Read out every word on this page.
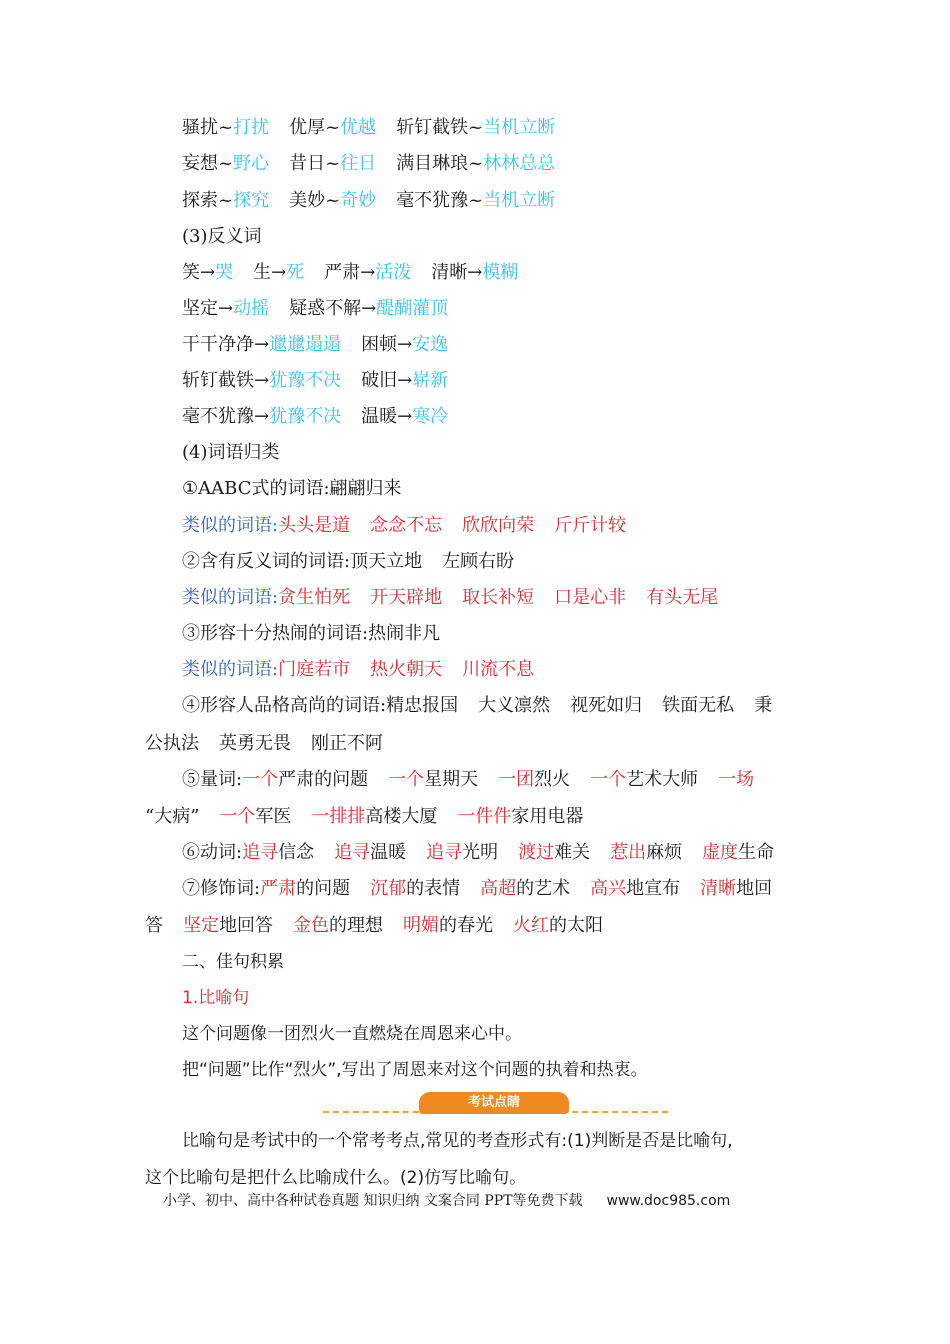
骚扰~打扰 优厚~优越 斩钉截铁~当机立断
妄想~野心 昔日~往日 满目琳琅~林林总总
探索~探究 美妙~奇妙 毫不犹豫~当机立断
(3)反义词
笑→哭 生→死 严肃→活泼 清晰→模糊
坚定→动摇 疑惑不解→醍醐灌顶
干干净净→邋邋遢遢 困顿→安逸
斩钉截铁→犹豫不决 破旧→崭新
毫不犹豫→犹豫不决 温暖→寒冷
(4)词语归类
①AABC式的词语:翩翩归来
类似的词语:头头是道 念念不忘 欣欣向荣 斤斤计较
②含有反义词的词语:顶天立地 左顾右盼
类似的词语:贪生怕死 开天辟地 取长补短 口是心非 有头无尾
③形容十分热闹的词语:热闹非凡
类似的词语:门庭若市 热火朝天 川流不息
④形容人品格高尚的词语:精忠报国 大义凛然 视死如归 铁面无私 秉
公执法 英勇无畏 刚正不阿
⑤量词:一个严肃的问题 一个星期天 一团烈火 一个艺术大师 一场
“大病” 一个军医 一排排高楼大厦 一件件家用电器
⑥动词:追寻信念 追寻温暖 追寻光明 渡过难关 惹出麻烦 虚度生命
⑦修饰词:严肃的问题 沉郁的表情 高超的艺术 高兴地宣布 清晰地回
答 坚定地回答 金色的理想 明媚的春光 火红的太阳
二、佳句积累
1.比喻句
这个问题像一团烈火一直燃烧在周恩来心中。
把“问题”比作“烈火”,写出了周恩来对这个问题的执着和热衷。
考试点睛
比喻句是考试中的一个常考考点,常见的考查形式有:(1)判断是否是比喻句,
这个比喻句是把什么比喻成什么。(2)仿写比喻句。
小学、初中、高中各种试卷真题 知识归纳 文案合同 PPT等免费下载 www.doc985.com
